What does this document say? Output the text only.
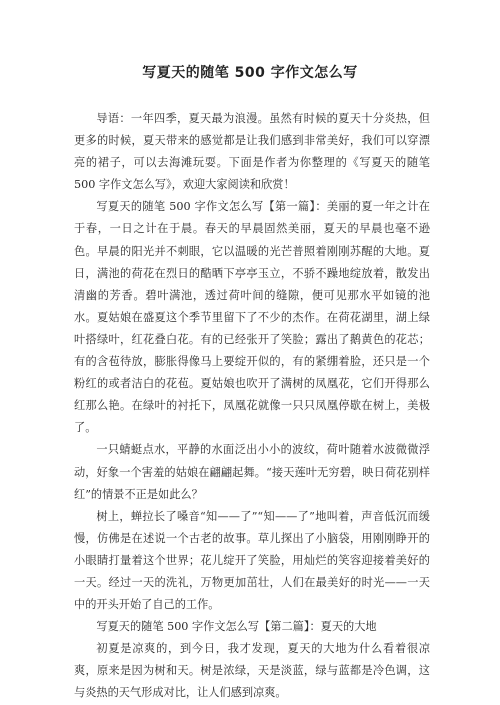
写夏天的随笔 500 字作文怎么写

导语：一年四季，夏天最为浪漫。虽然有时候的夏天十分炎热，但更多的时候，夏天带来的感觉都是让我们感到非常美好，我们可以穿漂亮的裙子，可以去海滩玩耍。下面是作者为你整理的《写夏天的随笔 500 字作文怎么写》，欢迎大家阅读和欣赏！

写夏天的随笔 500 字作文怎么写【第一篇】：美丽的夏一年之计在于春，一日之计在于晨。春天的早晨固然美丽，夏天的早晨也毫不逊色。早晨的阳光并不刺眼，它以温暖的光芒普照着刚刚苏醒的大地。夏日，满池的荷花在烈日的酷晒下亭亭玉立，不骄不躁地绽放着，散发出清幽的芳香。碧叶满池，透过荷叶间的缝隙，便可见那水平如镜的池水。夏姑娘在盛夏这个季节里留下了不少的杰作。在荷花湖里，湖上绿叶搭绿叶，红花叠白花。有的已经张开了笑脸；露出了鹅黄色的花芯；有的含苞待放，膨胀得像马上要绽开似的，有的紧绷着脸，还只是一个粉红的或者洁白的花苞。夏姑娘也吹开了满树的凤凰花，它们开得那么红那么艳。在绿叶的衬托下，凤凰花就像一只只凤凰停歇在树上，美极了。

一只蜻蜓点水，平静的水面泛出小小的波纹，荷叶随着水波微微浮动，好象一个害羞的姑娘在翩翩起舞。“接天莲叶无穷碧，映日荷花别样红”的情景不正是如此么？

树上，蝉拉长了嗓音“知——了”“知——了”地叫着，声音低沉而缓慢，仿佛是在述说一个古老的故事。草儿探出了小脑袋，用刚刚睁开的小眼睛打量着这个世界；花儿绽开了笑脸，用灿烂的笑容迎接着美好的一天。经过一天的洗礼，万物更加茁壮，人们在最美好的时光——一天中的开头开始了自己的工作。

写夏天的随笔 500 字作文怎么写【第二篇】：夏天的大地

初夏是凉爽的，到今日，我才发现，夏天的大地为什么看着很凉爽，原来是因为树和天。树是浓绿，天是淡蓝，绿与蓝都是冷色调，这与炎热的天气形成对比，让人们感到凉爽。
